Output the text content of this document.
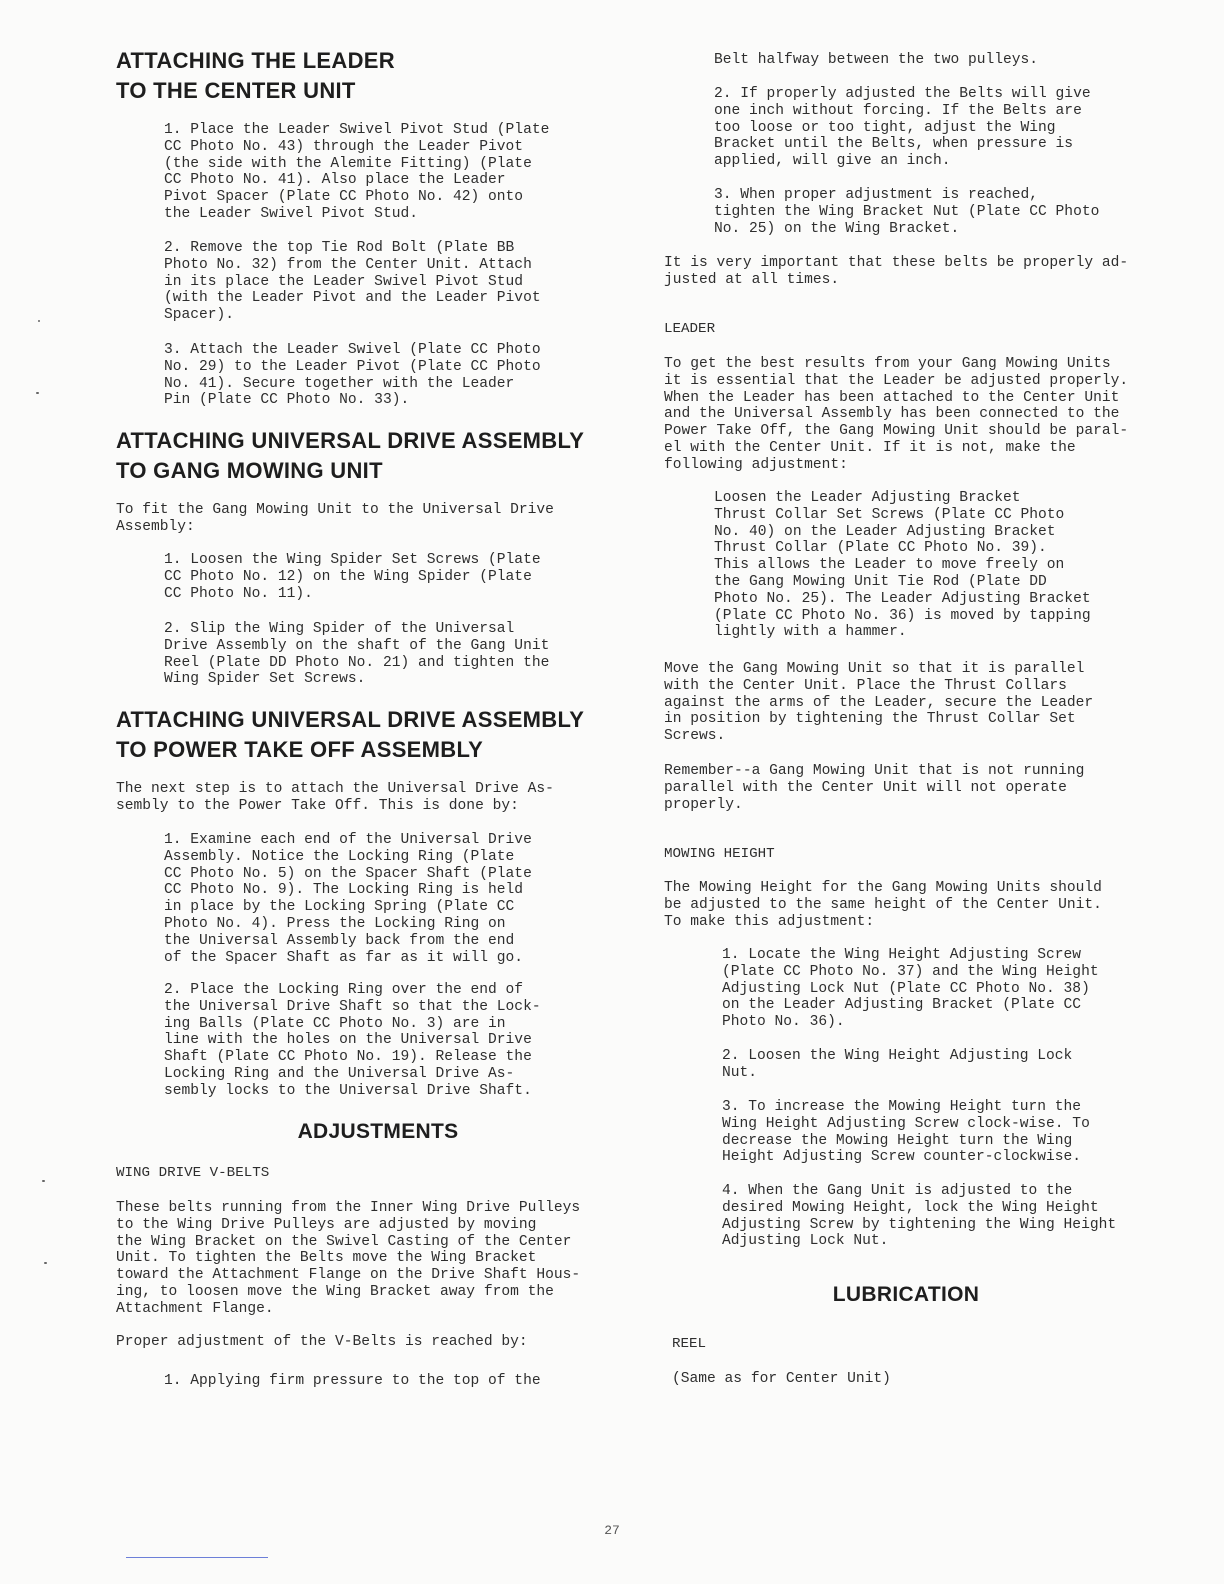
ATTACHING THE LEADER
TO THE CENTER UNIT

1. Place the Leader Swivel Pivot Stud (Plate
CC Photo No. 43) through the Leader Pivot
(the side with the Alemite Fitting) (Plate
CC Photo No. 41). Also place the Leader
Pivot Spacer (Plate CC Photo No. 42) onto
the Leader Swivel Pivot Stud.

2. Remove the top Tie Rod Bolt (Plate BB
Photo No. 32) from the Center Unit. Attach
in its place the Leader Swivel Pivot Stud
(with the Leader Pivot and the Leader Pivot
Spacer).

3. Attach the Leader Swivel (Plate CC Photo
No. 29) to the Leader Pivot (Plate CC Photo
No. 41). Secure together with the Leader
Pin (Plate CC Photo No. 33).

ATTACHING UNIVERSAL DRIVE ASSEMBLY
TO GANG MOWING UNIT

To fit the Gang Mowing Unit to the Universal Drive
Assembly:

1. Loosen the Wing Spider Set Screws (Plate
CC Photo No. 12) on the Wing Spider (Plate
CC Photo No. 11).

2. Slip the Wing Spider of the Universal
Drive Assembly on the shaft of the Gang Unit
Reel (Plate DD Photo No. 21) and tighten the
Wing Spider Set Screws.

ATTACHING UNIVERSAL DRIVE ASSEMBLY
TO POWER TAKE OFF ASSEMBLY

The next step is to attach the Universal Drive As-
sembly to the Power Take Off. This is done by:

1. Examine each end of the Universal Drive
Assembly. Notice the Locking Ring (Plate
CC Photo No. 5) on the Spacer Shaft (Plate
CC Photo No. 9). The Locking Ring is held
in place by the Locking Spring (Plate CC
Photo No. 4). Press the Locking Ring on
the Universal Assembly back from the end
of the Spacer Shaft as far as it will go.

2. Place the Locking Ring over the end of
the Universal Drive Shaft so that the Lock-
ing Balls (Plate CC Photo No. 3) are in
line with the holes on the Universal Drive
Shaft (Plate CC Photo No. 19). Release the
Locking Ring and the Universal Drive As-
sembly locks to the Universal Drive Shaft.

ADJUSTMENTS
WING DRIVE V-BELTS

These belts running from the Inner Wing Drive Pulleys
to the Wing Drive Pulleys are adjusted by moving
the Wing Bracket on the Swivel Casting of the Center
Unit. To tighten the Belts move the Wing Bracket
toward the Attachment Flange on the Drive Shaft Hous-
ing, to loosen move the Wing Bracket away from the
Attachment Flange.

Proper adjustment of the V-Belts is reached by:

1. Applying firm pressure to the top of the

Belt halfway between the two pulleys.

2. If properly adjusted the Belts will give
one inch without forcing. If the Belts are
too loose or too tight, adjust the Wing
Bracket until the Belts, when pressure is
applied, will give an inch.

3. When proper adjustment is reached,
tighten the Wing Bracket Nut (Plate CC Photo
No. 25) on the Wing Bracket.

It is very important that these belts be properly ad-
justed at all times.

LEADER

To get the best results from your Gang Mowing Units
it is essential that the Leader be adjusted properly.
When the Leader has been attached to the Center Unit
and the Universal Assembly has been connected to the
Power Take Off, the Gang Mowing Unit should be paral-
el with the Center Unit. If it is not, make the
following adjustment:

Loosen the Leader Adjusting Bracket
Thrust Collar Set Screws (Plate CC Photo
No. 40) on the Leader Adjusting Bracket
Thrust Collar (Plate CC Photo No. 39).
This allows the Leader to move freely on
the Gang Mowing Unit Tie Rod (Plate DD
Photo No. 25). The Leader Adjusting Bracket
(Plate CC Photo No. 36) is moved by tapping
lightly with a hammer.

Move the Gang Mowing Unit so that it is parallel
with the Center Unit. Place the Thrust Collars
against the arms of the Leader, secure the Leader
in position by tightening the Thrust Collar Set
Screws.

Remember--a Gang Mowing Unit that is not running
parallel with the Center Unit will not operate
properly.

MOWING HEIGHT

The Mowing Height for the Gang Mowing Units should
be adjusted to the same height of the Center Unit.
To make this adjustment:

1. Locate the Wing Height Adjusting Screw
(Plate CC Photo No. 37) and the Wing Height
Adjusting Lock Nut (Plate CC Photo No. 38)
on the Leader Adjusting Bracket (Plate CC
Photo No. 36).

2. Loosen the Wing Height Adjusting Lock
Nut.

3. To increase the Mowing Height turn the
Wing Height Adjusting Screw clock-wise. To
decrease the Mowing Height turn the Wing
Height Adjusting Screw counter-clockwise.

4. When the Gang Unit is adjusted to the
desired Mowing Height, lock the Wing Height
Adjusting Screw by tightening the Wing Height
Adjusting Lock Nut.

LUBRICATION
REEL

(Same as for Center Unit)

27
